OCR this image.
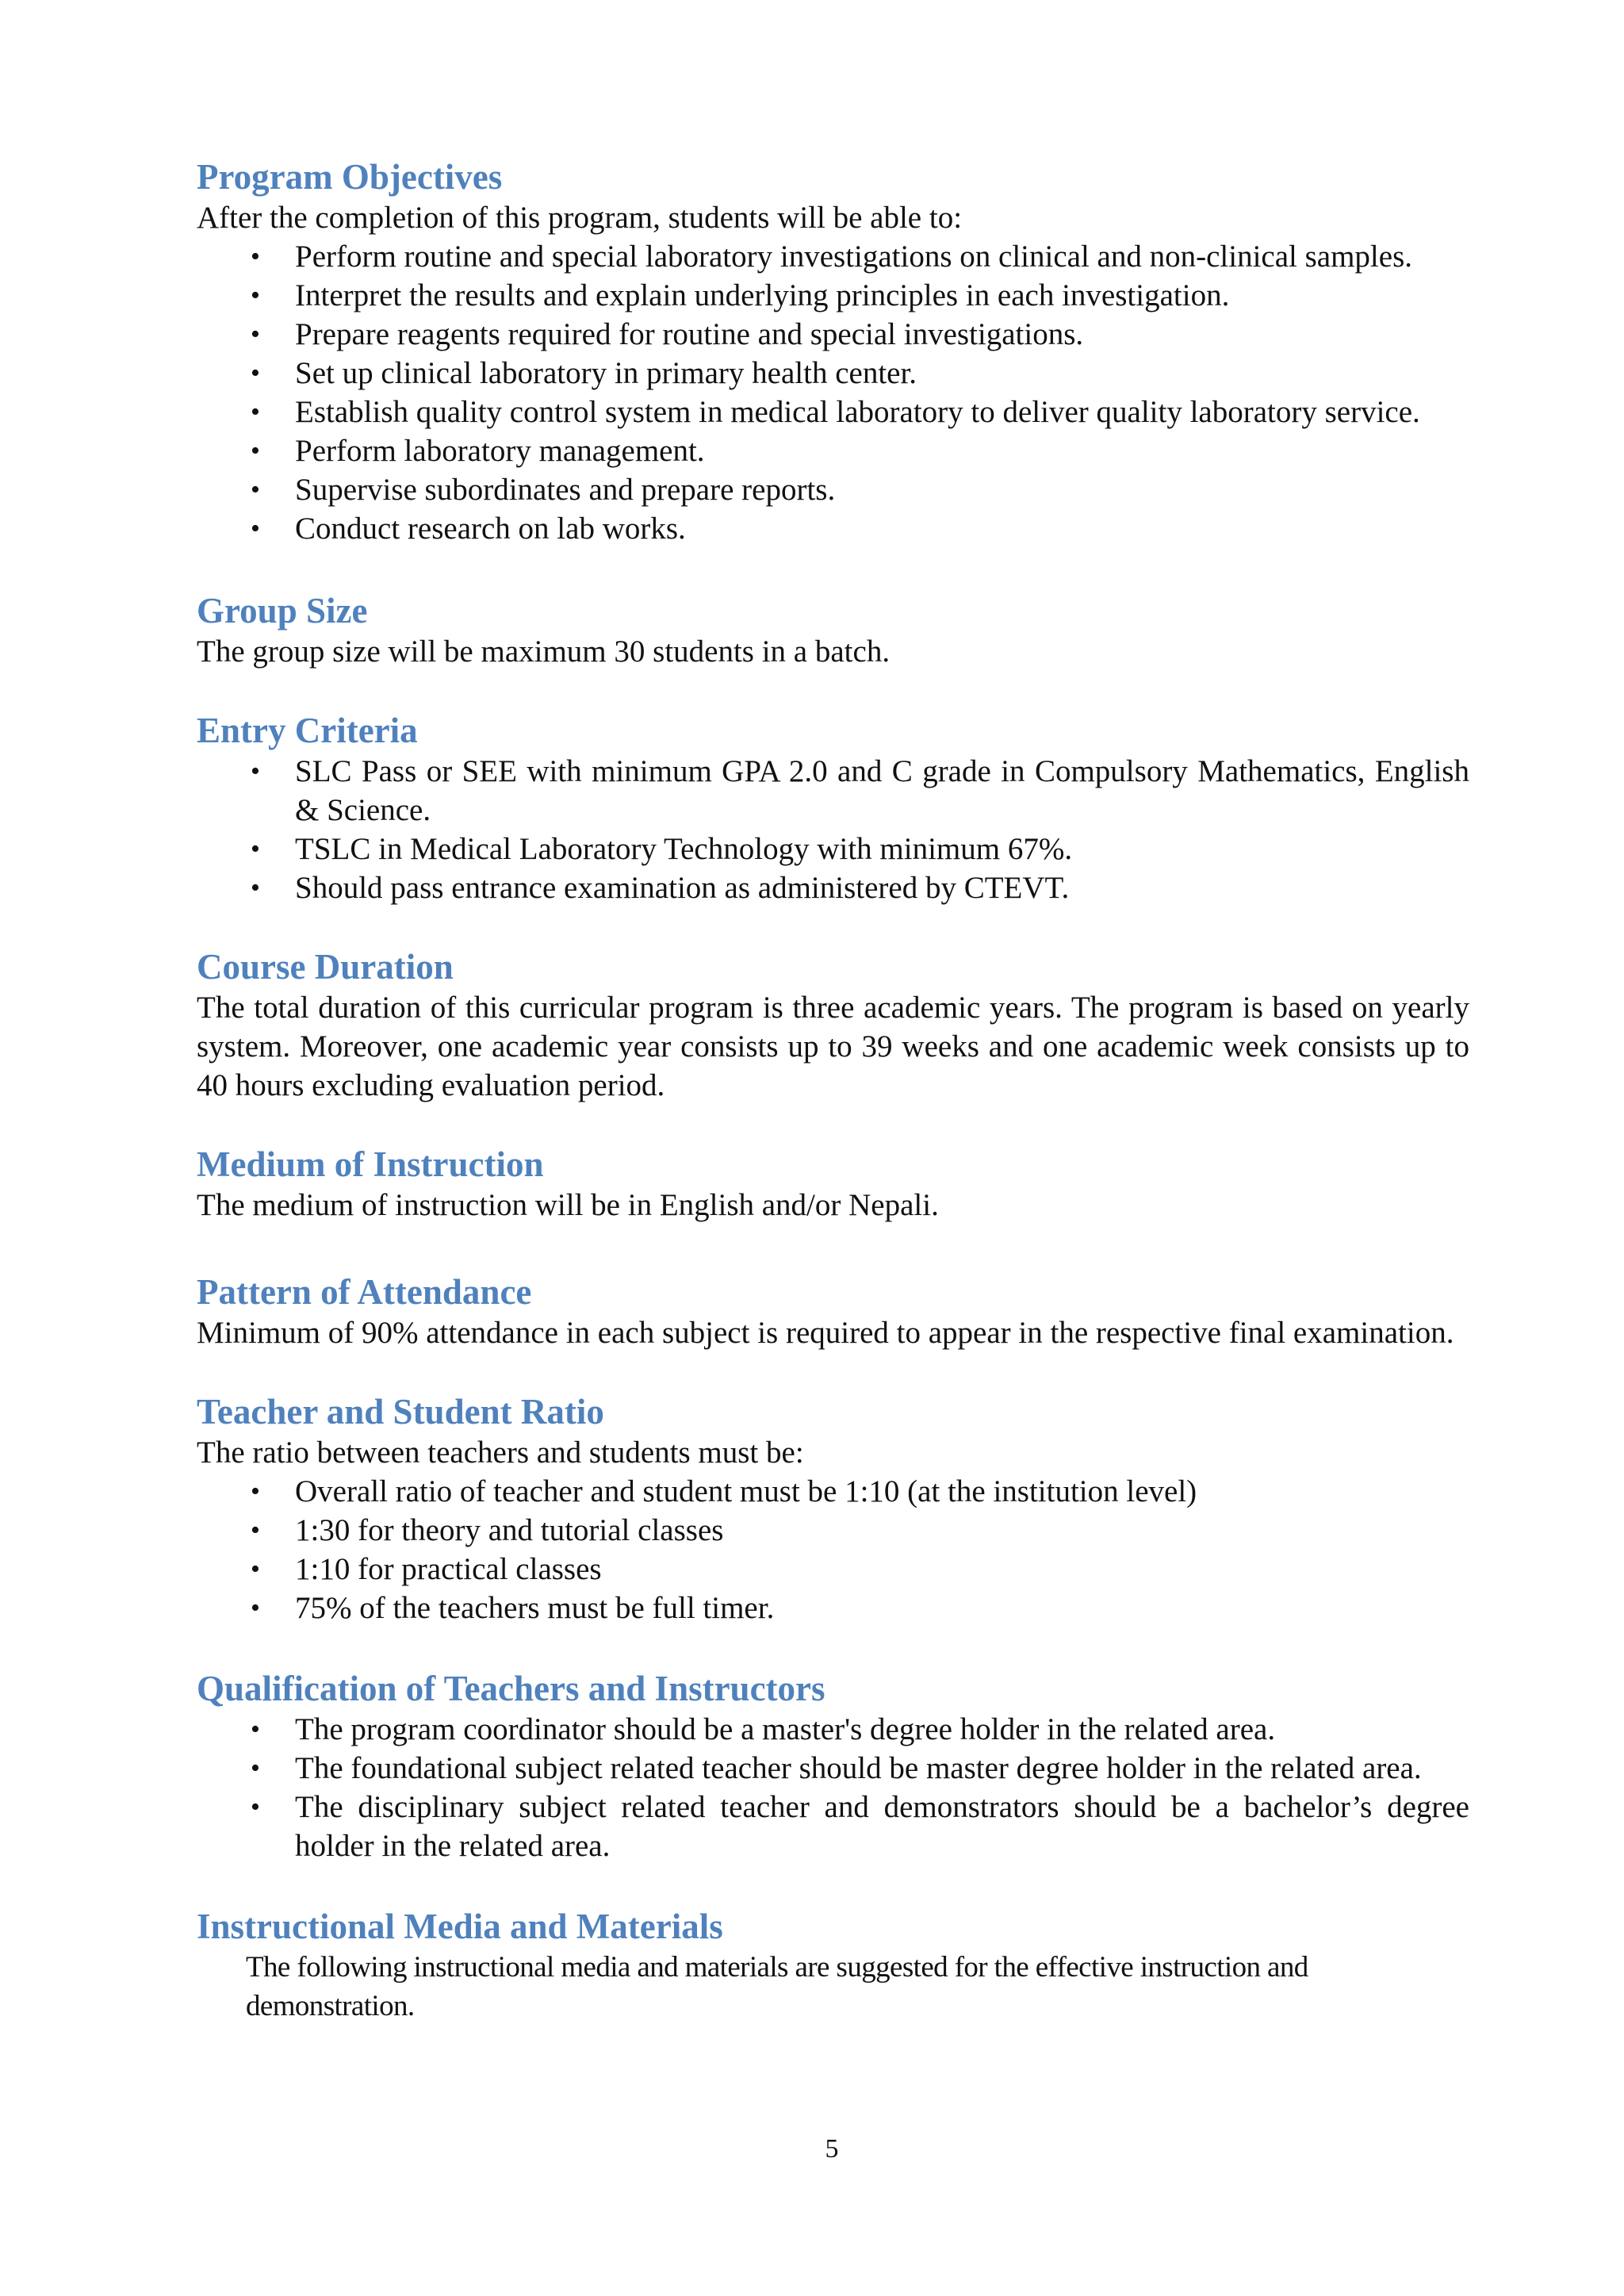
Program Objectives

After the completion of this program, students will be able to:

• Perform routine and special laboratory investigations on clinical and non-clinical samples.
• Interpret the results and explain underlying principles in each investigation.
• Prepare reagents required for routine and special investigations.
• Set up clinical laboratory in primary health center.
• Establish quality control system in medical laboratory to deliver quality laboratory service.
• Perform laboratory management.
• Supervise subordinates and prepare reports.
• Conduct research on lab works.
Group Size

The group size will be maximum 30 students in a batch.

Entry Criteria
• SLC Pass or SEE with minimum GPA 2.0 and C grade in Compulsory Mathematics, English & Science.
• TSLC in Medical Laboratory Technology with minimum 67%.
• Should pass entrance examination as administered by CTEVT.
Course Duration

The total duration of this curricular program is three academic years. The program is based on yearly system. Moreover, one academic year consists up to 39 weeks and one academic week consists up to 40 hours excluding evaluation period.

Medium of Instruction

The medium of instruction will be in English and/or Nepali.

Pattern of Attendance

Minimum of 90% attendance in each subject is required to appear in the respective final examination.

Teacher and Student Ratio

The ratio between teachers and students must be:

• Overall ratio of teacher and student must be 1:10 (at the institution level)
• 1:30 for theory and tutorial classes
• 1:10 for practical classes
• 75% of the teachers must be full timer.
Qualification of Teachers and Instructors
• The program coordinator should be a master's degree holder in the related area.
• The foundational subject related teacher should be master degree holder in the related area.
• The disciplinary subject related teacher and demonstrators should be a bachelor’s degree holder in the related area.
Instructional Media and Materials

The following instructional media and materials are suggested for the effective instruction and demonstration.

5
